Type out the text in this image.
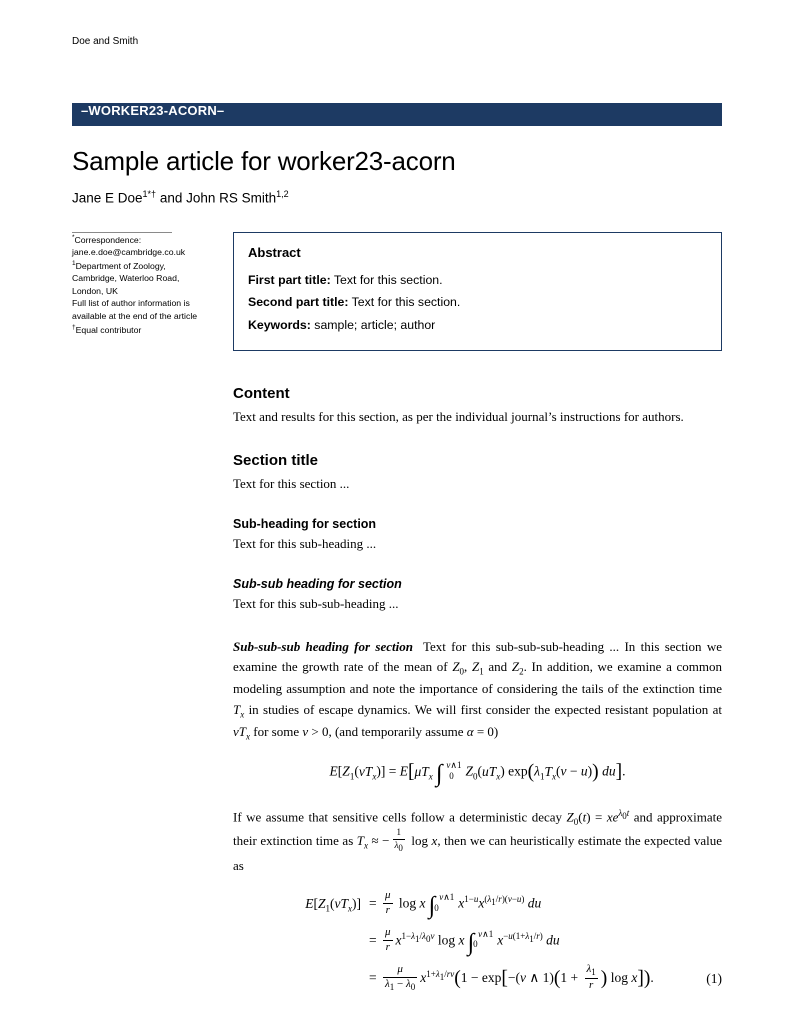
Doe and Smith
–WORKER23-ACORN–
Sample article for worker23-acorn
Jane E Doe$^{1*\dagger}$ and John RS Smith$^{1,2}$
*Correspondence:
jane.e.doe@cambridge.co.uk
$^1$Department of Zoology,
Cambridge, Waterloo Road,
London, UK
Full list of author information is
available at the end of the article
†Equal contributor
Abstract
First part title: Text for this section.
Second part title: Text for this section.
Keywords: sample; article; author
Content

Text and results for this section, as per the individual journal’s instructions for authors.

Section title

Text for this section ...

Sub-heading for section

Text for this sub-heading ...

Sub-sub heading for section

Text for this sub-sub-heading ...

Sub-sub-sub heading for section Text for this sub-sub-sub-heading ... In this section we examine the growth rate of the mean of $Z_0$, $Z_1$ and $Z_2$. In addition, we examine a common modeling assumption and note the importance of considering the tails of the extinction time $T_x$ in studies of escape dynamics. We will first consider the expected resistant population at $vT_x$ for some v > 0, (and temporarily assume α = 0)

$E[Z_1(vT_x)] = E[\mu T_x$ ∫ v∧1
0 $Z_0(uT_x) \exp(\lambda_1T_x(v - u))$ du].

If we assume that sensitive cells follow a deterministic decay $Z_0(t) = xe^{\lambda_0t}$ and approximate their extinction time as $T_x$ ≈ − $\frac{1}{\lambda_0}$ log x, then we can heuristically estimate the expected value as

$E[Z_1(vT_x)] = \frac{\mu}{r}$ log x ∫ v∧1
0	$x^{1-u}x^{(\lambda_1/r)(v-u)}$ du
= $\frac{\mu}{r} x^{1-\lambda_1/\lambda_0v}$ log x ∫ v∧1
0	$x^{-u(1+\lambda_1/r)}$ du
= $\frac{\mu}{\lambda_1 - \lambda_0} x^{1+\lambda_1/rv}(1 - \exp[-(v$ ∧ $1)(1 + \frac{\lambda_1}{r}$ ) log x]).	(1)
